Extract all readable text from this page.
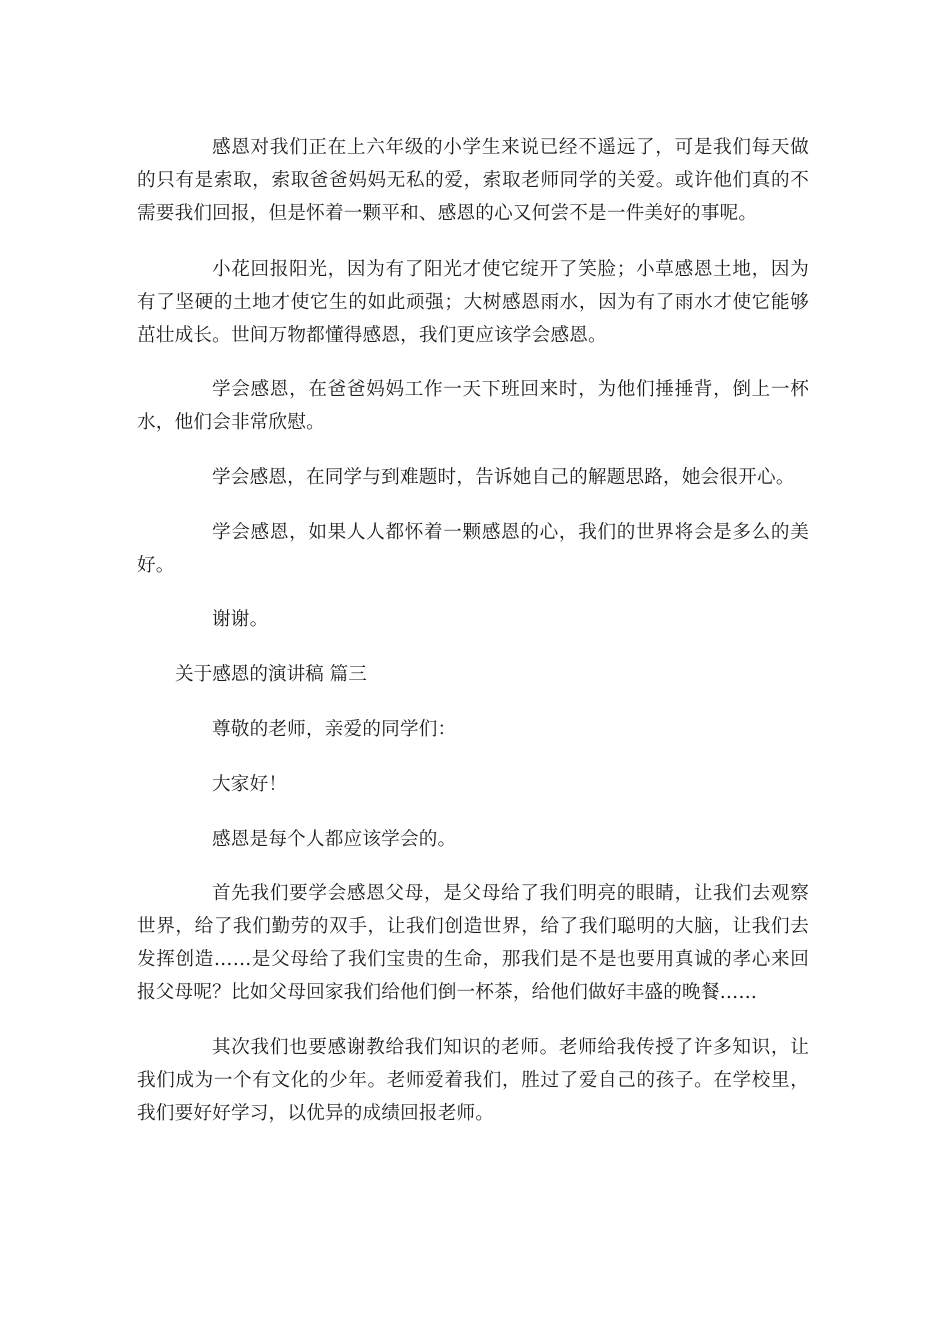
感恩对我们正在上六年级的小学生来说已经不遥远了，可是我们每天做的只有是索取，索取爸爸妈妈无私的爱，索取老师同学的关爱。或许他们真的不需要我们回报，但是怀着一颗平和、感恩的心又何尝不是一件美好的事呢。

小花回报阳光，因为有了阳光才使它绽开了笑脸；小草感恩土地，因为有了坚硬的土地才使它生的如此顽强；大树感恩雨水，因为有了雨水才使它能够茁壮成长。世间万物都懂得感恩，我们更应该学会感恩。

学会感恩，在爸爸妈妈工作一天下班回来时，为他们捶捶背，倒上一杯水，他们会非常欣慰。

学会感恩，在同学与到难题时，告诉她自己的解题思路，她会很开心。

学会感恩，如果人人都怀着一颗感恩的心，我们的世界将会是多么的美好。

谢谢。

关于感恩的演讲稿 篇三

尊敬的老师，亲爱的同学们：

大家好！

感恩是每个人都应该学会的。

首先我们要学会感恩父母，是父母给了我们明亮的眼睛，让我们去观察世界，给了我们勤劳的双手，让我们创造世界，给了我们聪明的大脑，让我们去发挥创造……是父母给了我们宝贵的生命，那我们是不是也要用真诚的孝心来回报父母呢？比如父母回家我们给他们倒一杯茶，给他们做好丰盛的晚餐……

其次我们也要感谢教给我们知识的老师。老师给我传授了许多知识，让我们成为一个有文化的少年。老师爱着我们，胜过了爱自己的孩子。在学校里，我们要好好学习，以优异的成绩回报老师。
